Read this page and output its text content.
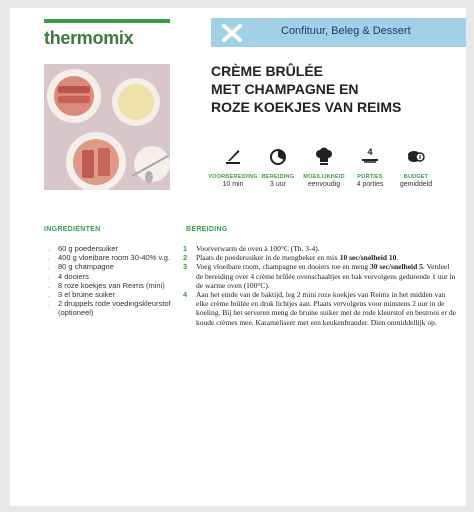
thermomix	Confituur, Beleg & Dessert
CRÈME BRÛLÉE
MET CHAMPAGNE EN
ROZE KOEKJES VAN REIMS
VOORBEREIDING
10 min
BEREIDING
3 uur
MOEILIJKHEID
eenvoudig
4
PORTIES
4 porties
BUDGET
gemiddeld
INGREDIËNTEN	BEREIDING
. 60 g poedersuiker
. 400 g vloeibare room 30-40% v.g.
. 80 g champagne
. 4 dooiers
. 8 roze koekjes van Reims (mini)
. 3 el bruine suiker
. 2 druppels rode voedingskleurstof (optioneel)
1 Voorverwarm de oven à 100°C (Th. 3-4).
2 Plaats de poedersuiker in de mengbeker en mix 10 sec/snelheid 10.
3 Voeg vloeibare room, champagne en dooiers toe en meng 30 sec/snelheid 5. Verdeel de bereiding over 4 crème brûlée ovenschaaltjes en bak vervolgens gedurende 1 uur in de warme oven (100°C).
4 Aan het einde van de baktijd, leg 2 mini roze koekjes van Reims in het midden van elke crème brûlée en druk lichtjes aan. Plaats vervolgens voor minstens 2 uur in de koeling. Bij het serveren meng de bruine suiker met de rode kleurstof en bestrooi er de koude crèmes mee. Karameliseer met een keukenbrander. Dien onmiddellijk op.
